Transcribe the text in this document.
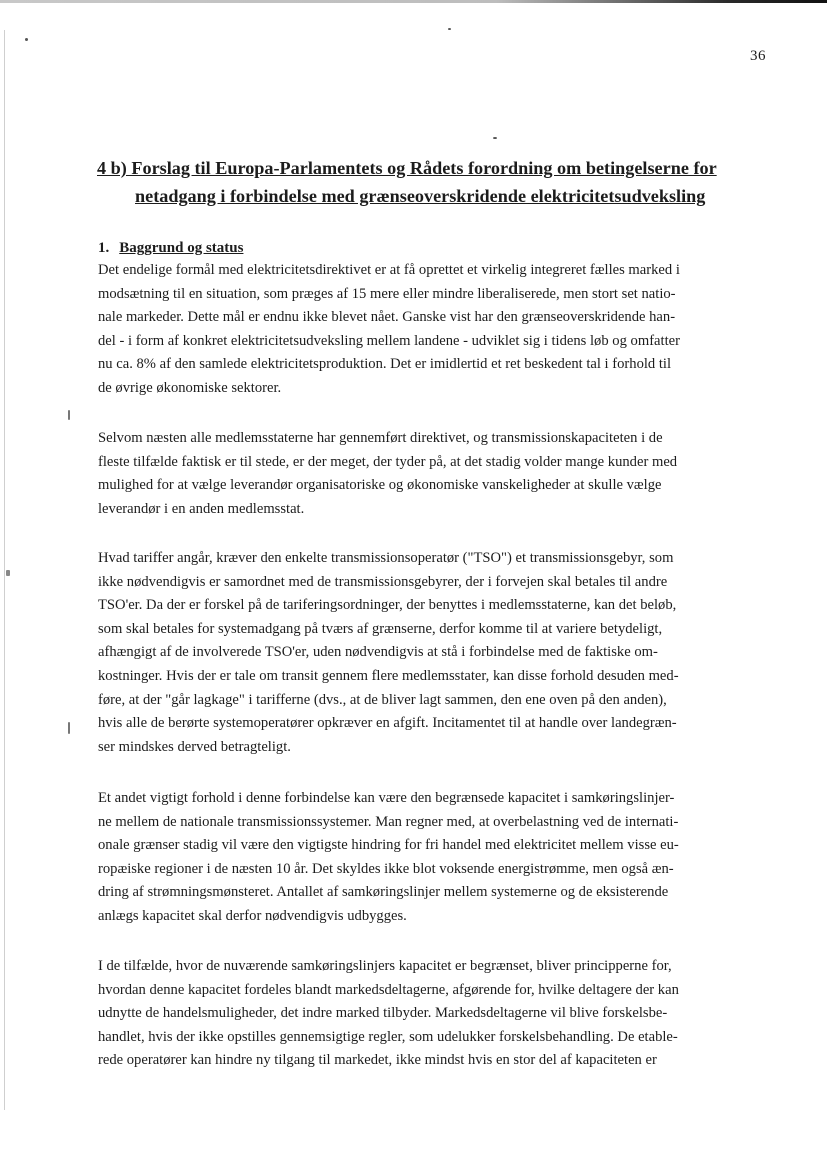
36
4 b) Forslag til Europa-Parlamentets og Rådets forordning om betingelserne for
netadgang i forbindelse med grænseoverskridende elektricitetsudveksling
1. Baggrund og status
Det endelige formål med elektricitetsdirektivet er at få oprettet et virkelig integreret fælles marked i
modsætning til en situation, som præges af 15 mere eller mindre liberaliserede, men stort set natio-
nale markeder. Dette mål er endnu ikke blevet nået. Ganske vist har den grænseoverskridende han-
del - i form af konkret elektricitetsudveksling mellem landene - udviklet sig i tidens løb og omfatter
nu ca. 8% af den samlede elektricitetsproduktion. Det er imidlertid et ret beskedent tal i forhold til
de øvrige økonomiske sektorer.
Selvom næsten alle medlemsstaterne har gennemført direktivet, og transmissionskapaciteten i de
fleste tilfælde faktisk er til stede, er der meget, der tyder på, at det stadig volder mange kunder med
mulighed for at vælge leverandør organisatoriske og økonomiske vanskeligheder at skulle vælge
leverandør i en anden medlemsstat.
Hvad tariffer angår, kræver den enkelte transmissionsoperatør ("TSO") et transmissionsgebyr, som
ikke nødvendigvis er samordnet med de transmissionsgebyrer, der i forvejen skal betales til andre
TSO'er. Da der er forskel på de tariferingsordninger, der benyttes i medlemsstaterne, kan det beløb,
som skal betales for systemadgang på tværs af grænserne, derfor komme til at variere betydeligt,
afhængigt af de involverede TSO'er, uden nødvendigvis at stå i forbindelse med de faktiske om-
kostninger. Hvis der er tale om transit gennem flere medlemsstater, kan disse forhold desuden med-
føre, at der "går lagkage" i tarifferne (dvs., at de bliver lagt sammen, den ene oven på den anden),
hvis alle de berørte systemoperatører opkræver en afgift. Incitamentet til at handle over landegræn-
ser mindskes derved betragteligt.
Et andet vigtigt forhold i denne forbindelse kan være den begrænsede kapacitet i samkøringslinjer-
ne mellem de nationale transmissionssystemer. Man regner med, at overbelastning ved de internati-
onale grænser stadig vil være den vigtigste hindring for fri handel med elektricitet mellem visse eu-
ropæiske regioner i de næsten 10 år. Det skyldes ikke blot voksende energistrømme, men også æn-
dring af strømningsmønsteret. Antallet af samkøringslinjer mellem systemerne og de eksisterende
anlægs kapacitet skal derfor nødvendigvis udbygges.
I de tilfælde, hvor de nuværende samkøringslinjers kapacitet er begrænset, bliver principperne for,
hvordan denne kapacitet fordeles blandt markedsdeltagerne, afgørende for, hvilke deltagere der kan
udnytte de handelsmuligheder, det indre marked tilbyder. Markedsdeltagerne vil blive forskelsbe-
handlet, hvis der ikke opstilles gennemsigtige regler, som udelukker forskelsbehandling. De etable-
rede operatører kan hindre ny tilgang til markedet, ikke mindst hvis en stor del af kapaciteten er
